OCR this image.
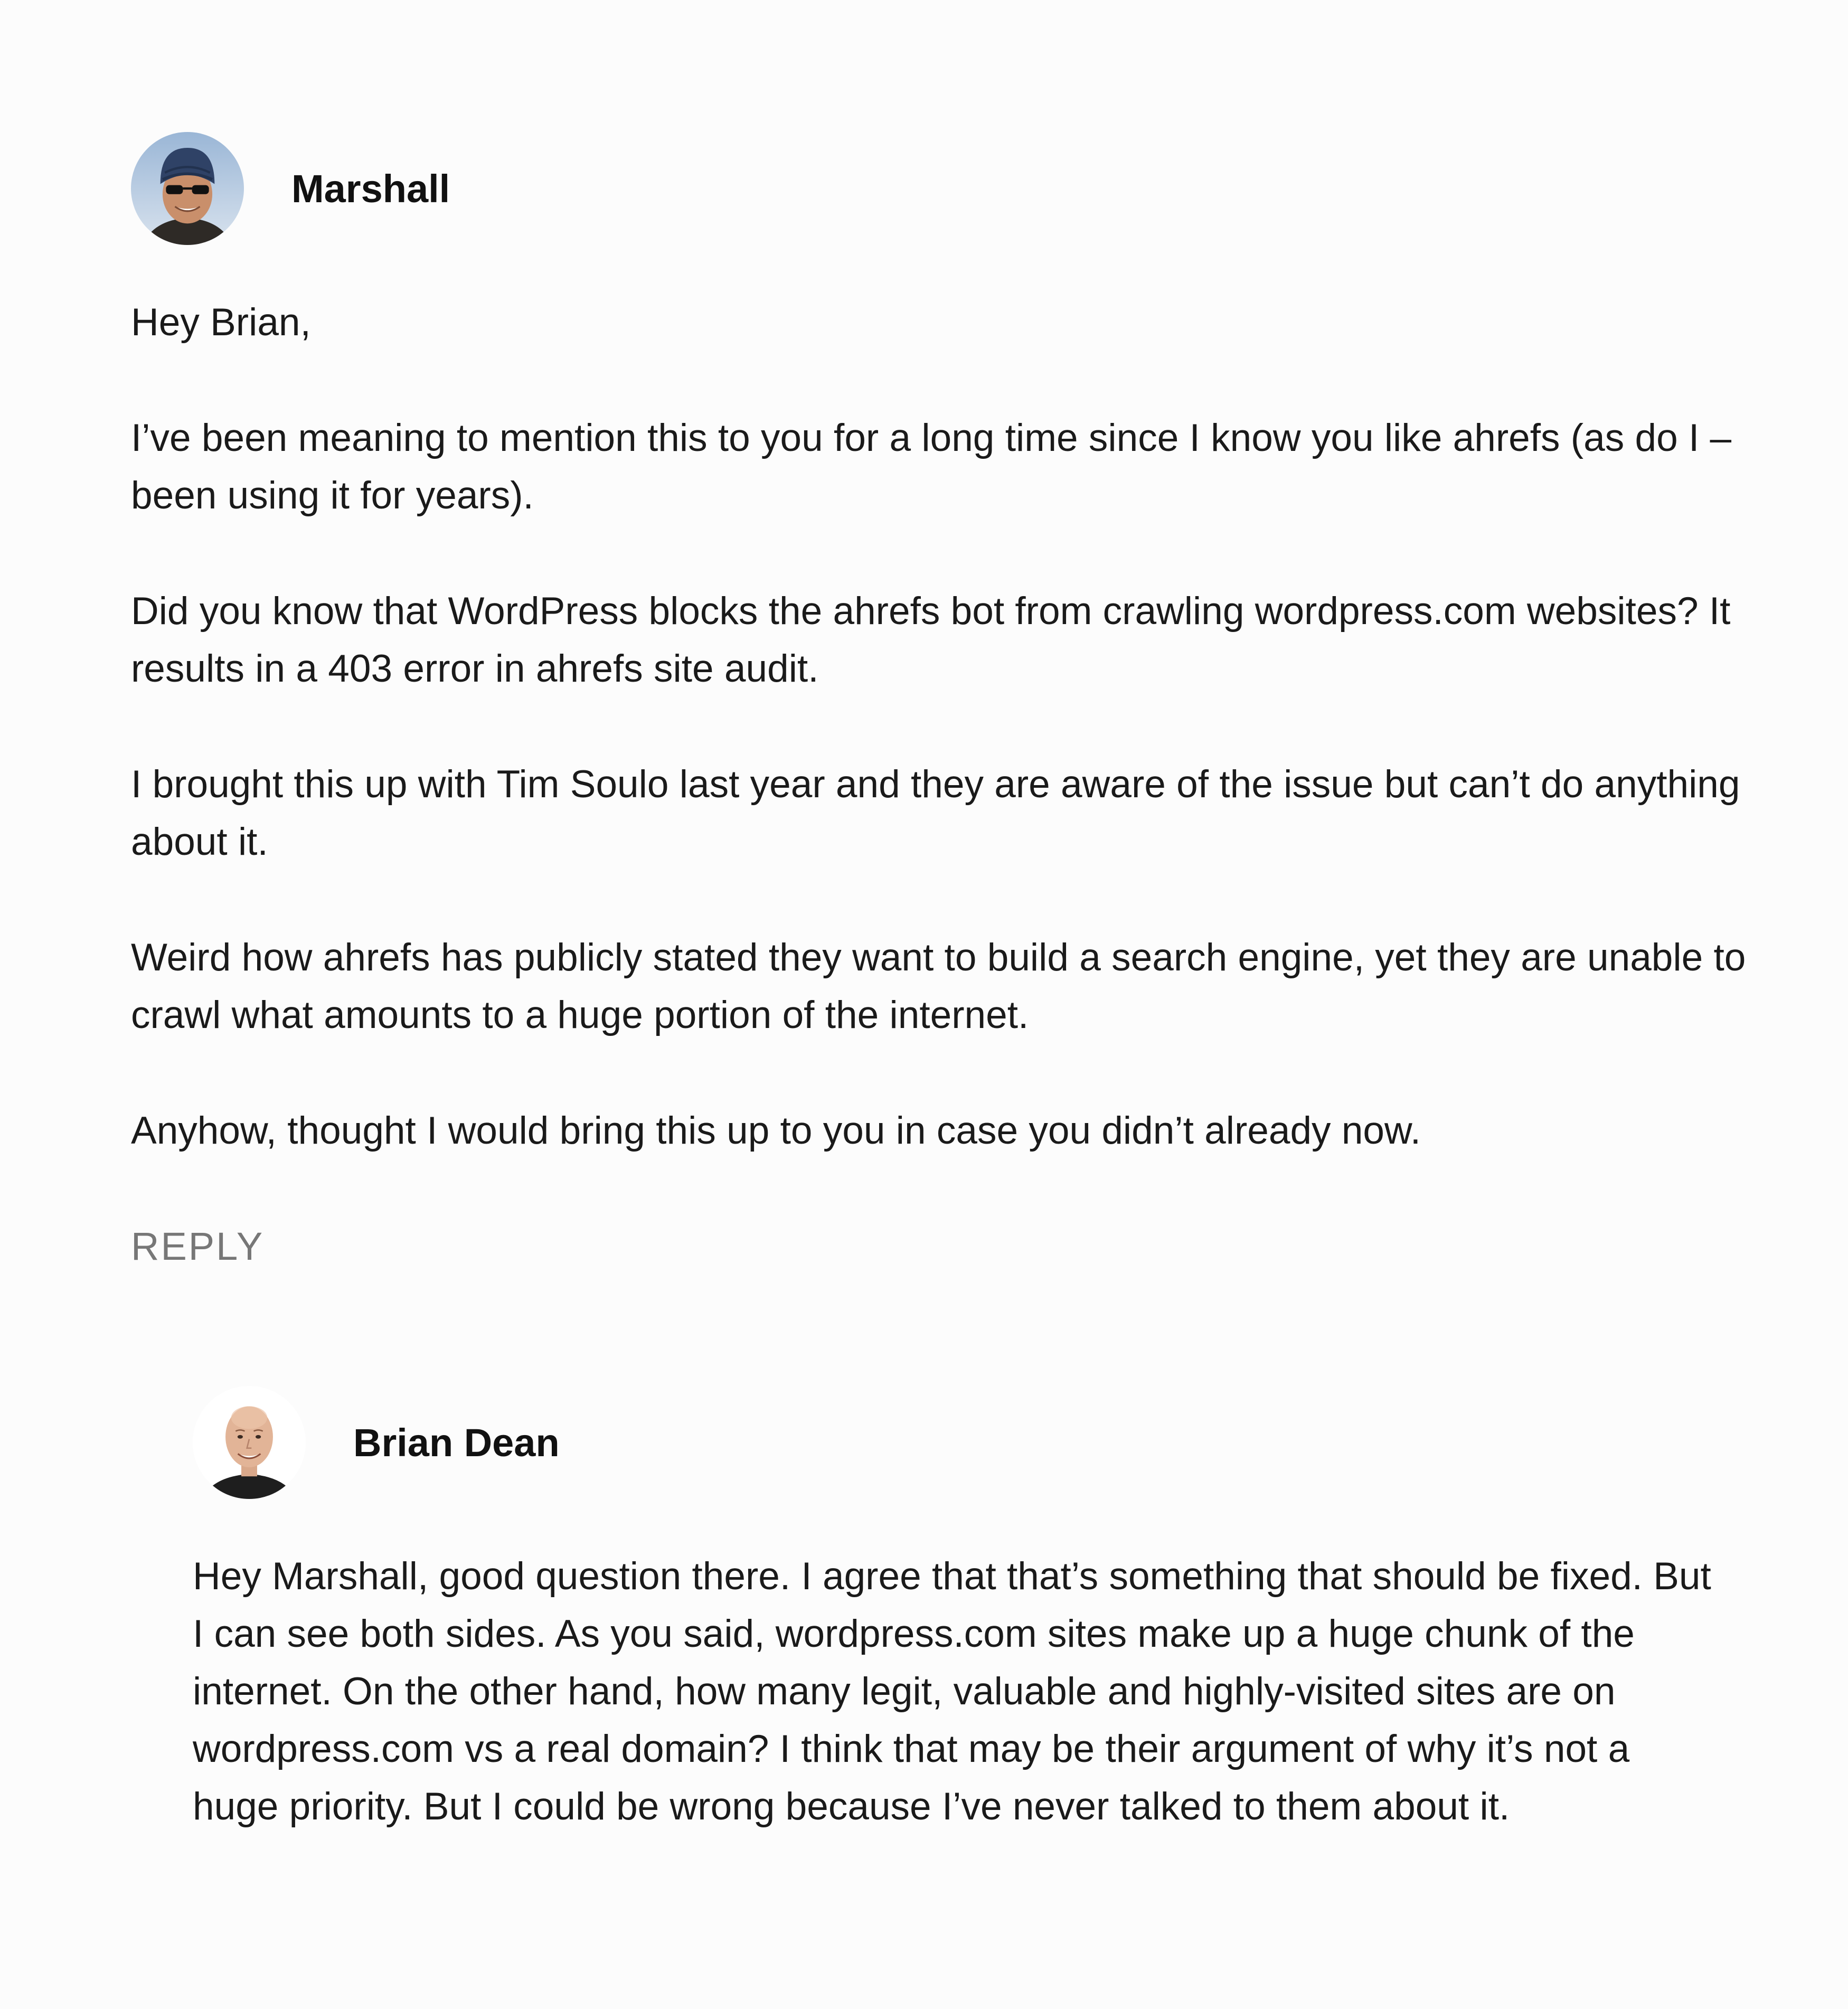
Marshall

Hey Brian,

I’ve been meaning to mention this to you for a long time since I know you like ahrefs (as do I – been using it for years).

Did you know that WordPress blocks the ahrefs bot from crawling wordpress.com websites? It results in a 403 error in ahrefs site audit.

I brought this up with Tim Soulo last year and they are aware of the issue but can’t do anything about it.

Weird how ahrefs has publicly stated they want to build a search engine, yet they are unable to crawl what amounts to a huge portion of the internet.

Anyhow, thought I would bring this up to you in case you didn’t already now.

REPLY
Brian Dean

Hey Marshall, good question there. I agree that that’s something that should be fixed. But I can see both sides. As you said, wordpress.com sites make up a huge chunk of the internet. On the other hand, how many legit, valuable and highly-visited sites are on wordpress.com vs a real domain? I think that may be their argument of why it’s not a huge priority. But I could be wrong because I’ve never talked to them about it.
